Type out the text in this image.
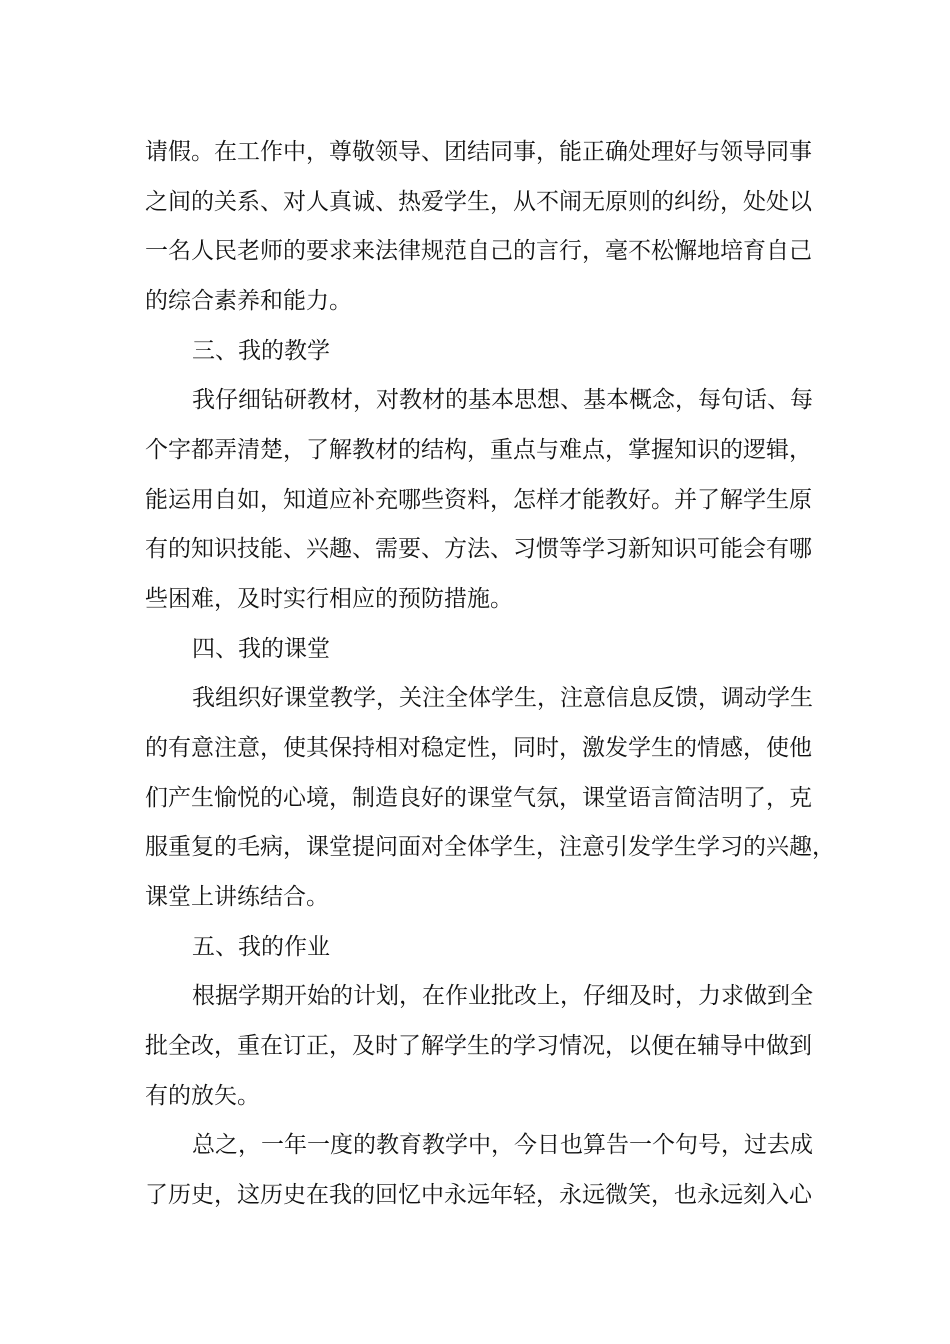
请假。在工作中，尊敬领导、团结同事，能正确处理好与领导同事
之间的关系、对人真诚、热爱学生，从不闹无原则的纠纷，处处以
一名人民老师的要求来法律规范自己的言行，毫不松懈地培育自己
的综合素养和能力。
三、我的教学
我仔细钻研教材，对教材的基本思想、基本概念，每句话、每
个字都弄清楚，了解教材的结构，重点与难点，掌握知识的逻辑，
能运用自如，知道应补充哪些资料，怎样才能教好。并了解学生原
有的知识技能、兴趣、需要、方法、习惯等学习新知识可能会有哪
些困难，及时实行相应的预防措施。
四、我的课堂
我组织好课堂教学，关注全体学生，注意信息反馈，调动学生
的有意注意，使其保持相对稳定性，同时，激发学生的情感，使他
们产生愉悦的心境，制造良好的课堂气氛，课堂语言简洁明了，克
服重复的毛病，课堂提问面对全体学生，注意引发学生学习的兴趣，
课堂上讲练结合。
五、我的作业
根据学期开始的计划，在作业批改上，仔细及时，力求做到全
批全改，重在订正，及时了解学生的学习情况，以便在辅导中做到
有的放矢。
总之，一年一度的教育教学中，今日也算告一个句号，过去成
了历史，这历史在我的回忆中永远年轻，永远微笑，也永远刻入心
